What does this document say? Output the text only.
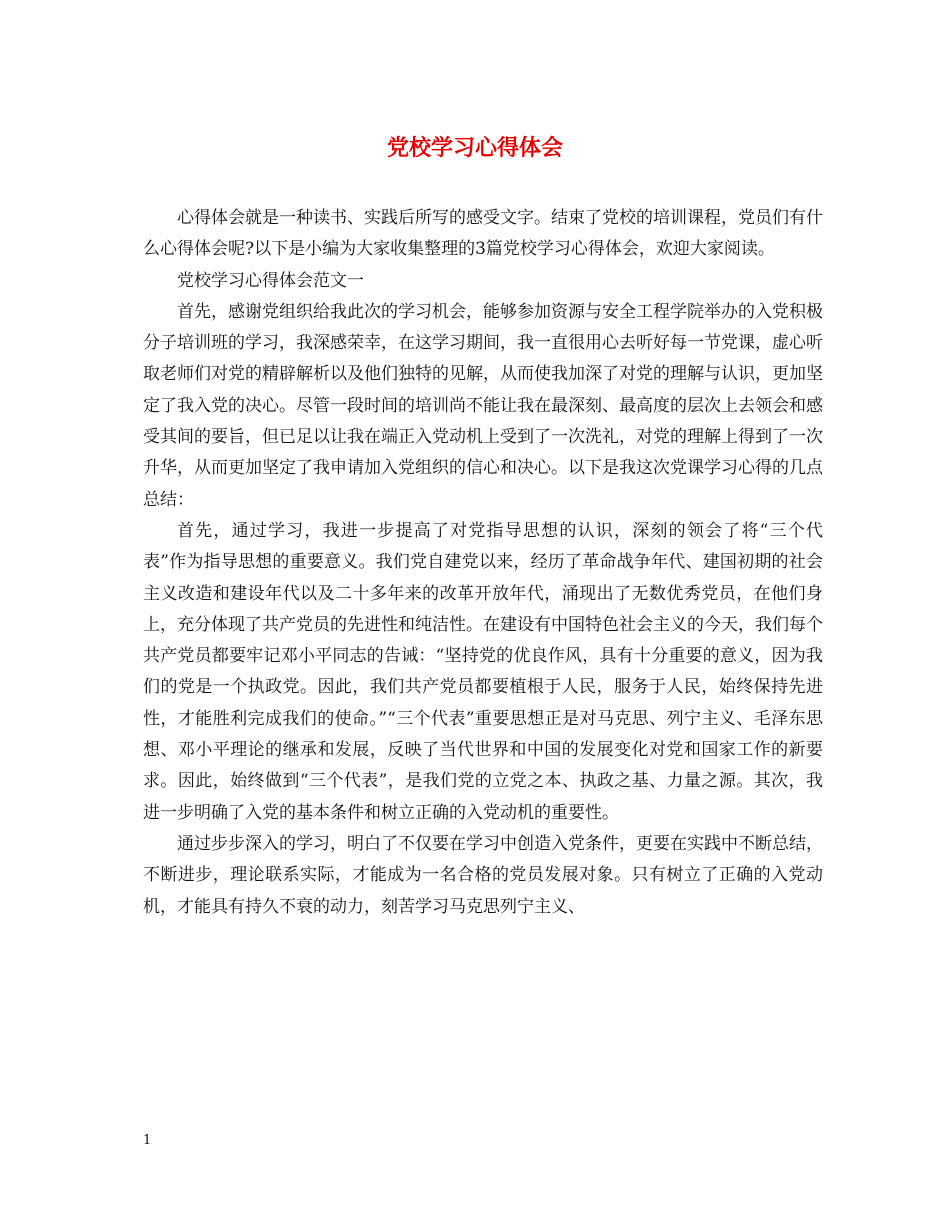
党校学习心得体会

心得体会就是一种读书、实践后所写的感受文字。结束了党校的培训课程，党员们有什么心得体会呢?以下是小编为大家收集整理的3篇党校学习心得体会，欢迎大家阅读。

党校学习心得体会范文一

首先，感谢党组织给我此次的学习机会，能够参加资源与安全工程学院举办的入党积极分子培训班的学习，我深感荣幸，在这学习期间，我一直很用心去听好每一节党课，虚心听取老师们对党的精辟解析以及他们独特的见解，从而使我加深了对党的理解与认识，更加坚定了我入党的决心。尽管一段时间的培训尚不能让我在最深刻、最高度的层次上去领会和感受其间的要旨，但已足以让我在端正入党动机上受到了一次洗礼，对党的理解上得到了一次升华，从而更加坚定了我申请加入党组织的信心和决心。以下是我这次党课学习心得的几点总结：

首先，通过学习，我进一步提高了对党指导思想的认识，深刻的领会了将“三个代表”作为指导思想的重要意义。我们党自建党以来，经历了革命战争年代、建国初期的社会主义改造和建设年代以及二十多年来的改革开放年代，涌现出了无数优秀党员，在他们身上，充分体现了共产党员的先进性和纯洁性。在建设有中国特色社会主义的今天，我们每个共产党员都要牢记邓小平同志的告诫：“坚持党的优良作风，具有十分重要的意义，因为我们的党是一个执政党。因此，我们共产党员都要植根于人民，服务于人民，始终保持先进性，才能胜利完成我们的使命。”“三个代表”重要思想正是对马克思、列宁主义、毛泽东思想、邓小平理论的继承和发展，反映了当代世界和中国的发展变化对党和国家工作的新要求。因此，始终做到“三个代表”，是我们党的立党之本、执政之基、力量之源。其次，我进一步明确了入党的基本条件和树立正确的入党动机的重要性。

通过步步深入的学习，明白了不仅要在学习中创造入党条件，更要在实践中不断总结，不断进步，理论联系实际，才能成为一名合格的党员发展对象。只有树立了正确的入党动机，才能具有持久不衰的动力，刻苦学习马克思列宁主义、

1
